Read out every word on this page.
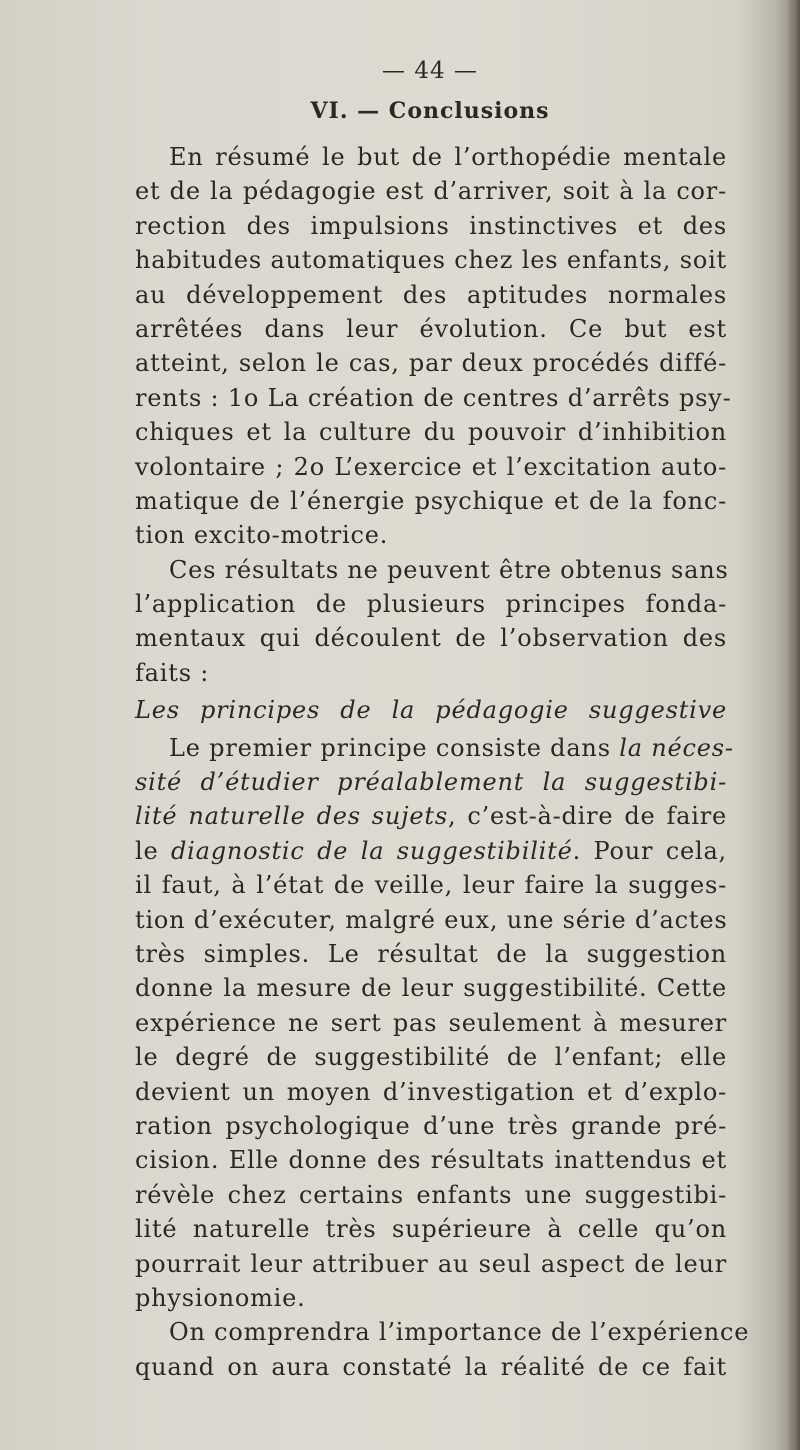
— 44 —
VI. — Conclusions
En résumé le but de l’orthopédie mentale
et de la pédagogie est d’arriver, soit à la cor-
rection des impulsions instinctives et des
habitudes automatiques chez les enfants, soit
au développement des aptitudes normales
arrêtées dans leur évolution. Ce but est
atteint, selon le cas, par deux procédés diffé-
rents : 1o La création de centres d’arrêts psy-
chiques et la culture du pouvoir d’inhibition
volontaire ; 2o L’exercice et l’excitation auto-
matique de l’énergie psychique et de la fonc-
tion excito-motrice.
Ces résultats ne peuvent être obtenus sans
l’application de plusieurs principes fonda-
mentaux qui découlent de l’observation des
faits :
Les principes de la pédagogie suggestive
Le premier principe consiste dans la néces-
sité d’étudier préalablement la suggestibi-
lité naturelle des sujets, c’est-à-dire de faire
le diagnostic de la suggestibilité. Pour cela,
il faut, à l’état de veille, leur faire la sugges-
tion d’exécuter, malgré eux, une série d’actes
très simples. Le résultat de la suggestion
donne la mesure de leur suggestibilité. Cette
expérience ne sert pas seulement à mesurer
le degré de suggestibilité de l’enfant; elle
devient un moyen d’investigation et d’explo-
ration psychologique d’une très grande pré-
cision. Elle donne des résultats inattendus et
révèle chez certains enfants une suggestibi-
lité naturelle très supérieure à celle qu’on
pourrait leur attribuer au seul aspect de leur
physionomie.
On comprendra l’importance de l’expérience
quand on aura constaté la réalité de ce fait
